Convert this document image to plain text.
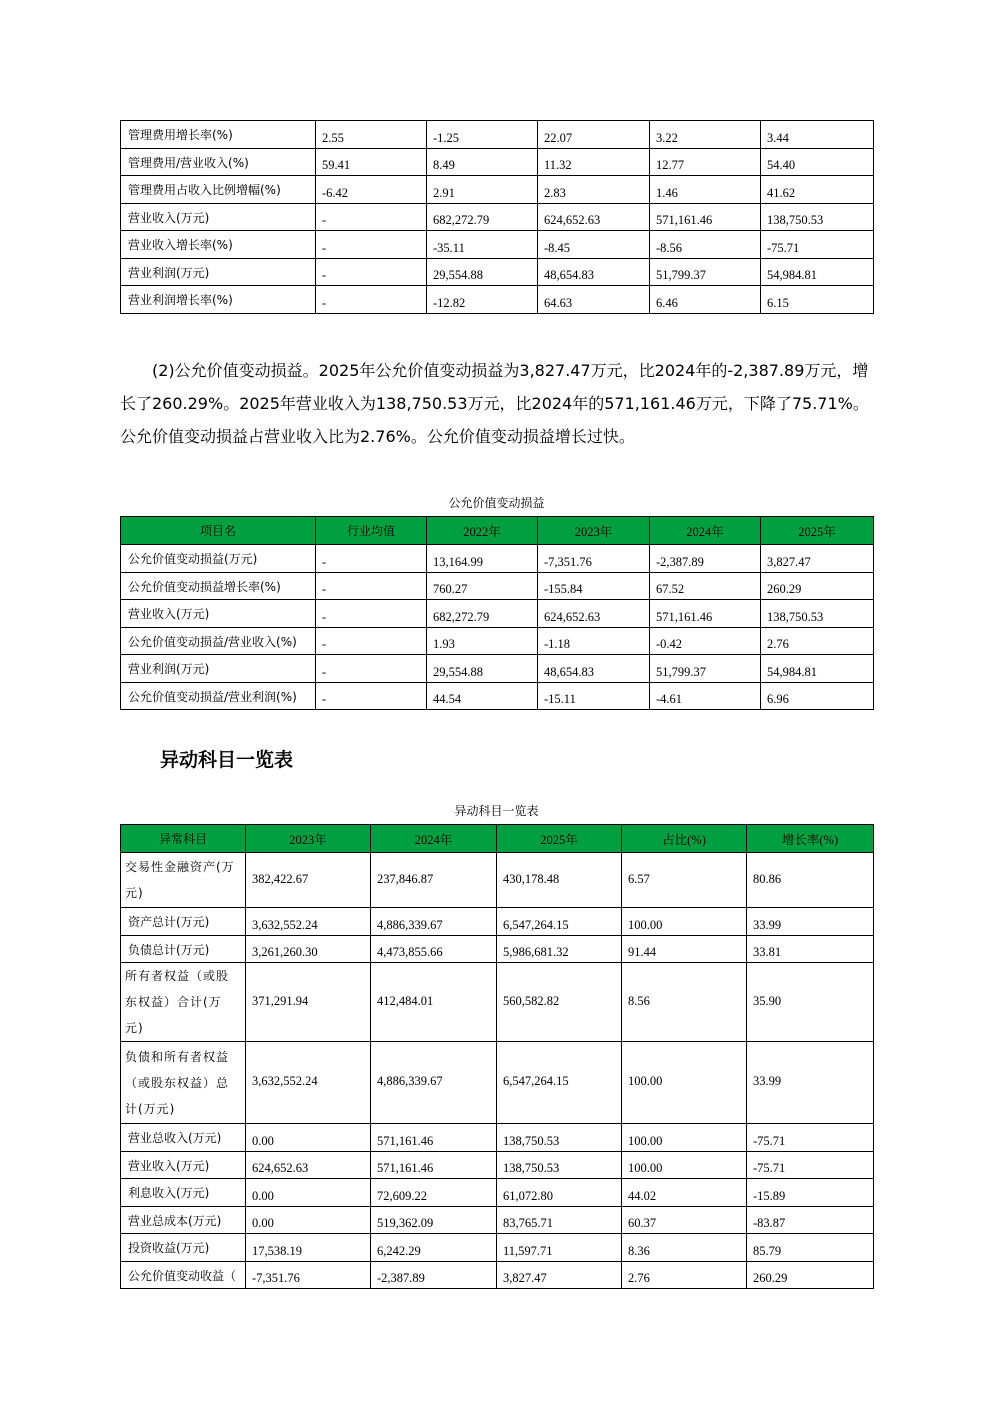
管理费用增长率(%)	2.55	-1.25	22.07	3.22	3.44
管理费用/营业收入(%)	59.41	8.49	11.32	12.77	54.40
管理费用占收入比例增幅(%)	-6.42	2.91	2.83	1.46	41.62
营业收入(万元)	-	682,272.79	624,652.63	571,161.46	138,750.53
营业收入增长率(%)	-	-35.11	-8.45	-8.56	-75.71
营业利润(万元)	-	29,554.88	48,654.83	51,799.37	54,984.81
营业利润增长率(%)	-	-12.82	64.63	6.46	6.15

(2)公允价值变动损益。2025年公允价值变动损益为3,827.47万元，比2024年的-2,387.89万元，增长了260.29%。2025年营业收入为138,750.53万元，比2024年的571,161.46万元，下降了75.71%。公允价值变动损益占营业收入比为2.76%。公允价值变动损益增长过快。

公允价值变动损益
项目名	行业均值	2022年	2023年	2024年	2025年
公允价值变动损益(万元)	-	13,164.99	-7,351.76	-2,387.89	3,827.47
公允价值变动损益增长率(%)	-	760.27	-155.84	67.52	260.29
营业收入(万元)	-	682,272.79	624,652.63	571,161.46	138,750.53
公允价值变动损益/营业收入(%)	-	1.93	-1.18	-0.42	2.76
营业利润(万元)	-	29,554.88	48,654.83	51,799.37	54,984.81
公允价值变动损益/营业利润(%)	-	44.54	-15.11	-4.61	6.96
异动科目一览表
异动科目一览表
异常科目	2023年	2024年	2025年	占比(%)	增长率(%)
交易性金融资产(万元)	382,422.67	237,846.87	430,178.48	6.57	80.86
资产总计(万元)	3,632,552.24	4,886,339.67	6,547,264.15	100.00	33.99
负债总计(万元)	3,261,260.30	4,473,855.66	5,986,681.32	91.44	33.81
所有者权益（或股东权益）合计(万元)	371,291.94	412,484.01	560,582.82	8.56	35.90
负债和所有者权益（或股东权益）总计(万元)	3,632,552.24	4,886,339.67	6,547,264.15	100.00	33.99
营业总收入(万元)	0.00	571,161.46	138,750.53	100.00	-75.71
营业收入(万元)	624,652.63	571,161.46	138,750.53	100.00	-75.71
利息收入(万元)	0.00	72,609.22	61,072.80	44.02	-15.89
营业总成本(万元)	0.00	519,362.09	83,765.71	60.37	-83.87
投资收益(万元)	17,538.19	6,242.29	11,597.71	8.36	85.79
公允价值变动收益（	-7,351.76	-2,387.89	3,827.47	2.76	260.29
